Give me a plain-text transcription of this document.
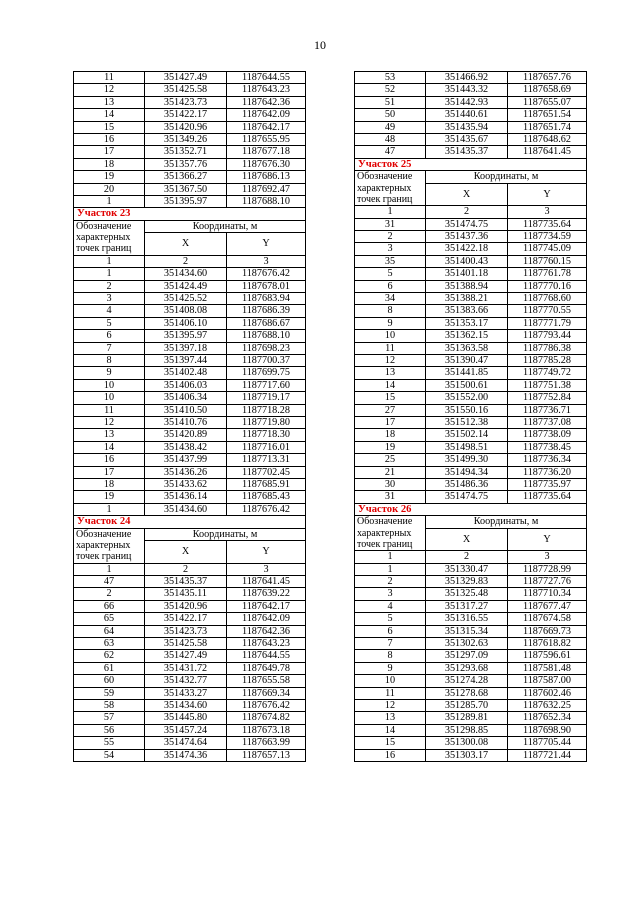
10
11	351427.49	1187644.55
12	351425.58	1187643.23
13	351423.73	1187642.36
14	351422.17	1187642.09
15	351420.96	1187642.17
16	351349.26	1187655.95
17	351352.71	1187677.18
18	351357.76	1187676.30
19	351366.27	1187686.13
20	351367.50	1187692.47
1	351395.97	1187688.10
Участок 23		

Обозначение
характерных
точек границ	Координаты, м	
	X	Y

1	2	3
1	351434.60	1187676.42
2	351424.49	1187678.01
3	351425.52	1187683.94
4	351408.08	1187686.39
5	351406.10	1187686.67
6	351395.97	1187688.10
7	351397.18	1187698.23
8	351397.44	1187700.37
9	351402.48	1187699.75
10	351406.03	1187717.60
10	351406.34	1187719.17
11	351410.50	1187718.28
12	351410.76	1187719.80
13	351420.89	1187718.30
14	351438.42	1187716.01
16	351437.99	1187713.31
17	351436.26	1187702.45
18	351433.62	1187685.91
19	351436.14	1187685.43
1	351434.60	1187676.42
Участок 24		

Обозначение
характерных
точек границ	Координаты, м	
	X	Y

1	2	3
47	351435.37	1187641.45
2	351435.11	1187639.22
66	351420.96	1187642.17
65	351422.17	1187642.09
64	351423.73	1187642.36
63	351425.58	1187643.23
62	351427.49	1187644.55
61	351431.72	1187649.78
60	351432.77	1187655.58
59	351433.27	1187669.34
58	351434.60	1187676.42
57	351445.80	1187674.82
56	351457.24	1187673.18
55	351474.64	1187663.99
54	351474.36	1187657.13
53	351466.92	1187657.76
52	351443.32	1187658.69
51	351442.93	1187655.07
50	351440.61	1187651.54
49	351435.94	1187651.74
48	351435.67	1187648.62
47	351435.37	1187641.45
Участок 25		

Обозначение
характерных
точек границ	Координаты, м	
	X	Y

1	2	3
31	351474.75	1187735.64
2	351437.36	1187734.59
3	351422.18	1187745.09
35	351400.43	1187760.15
5	351401.18	1187761.78
6	351388.94	1187770.16
34	351388.21	1187768.60
8	351383.66	1187770.55
9	351353.17	1187771.79
10	351362.15	1187793.44
11	351363.58	1187786.38
12	351390.47	1187785.28
13	351441.85	1187749.72
14	351500.61	1187751.38
15	351552.00	1187752.84
27	351550.16	1187736.71
17	351512.38	1187737.08
18	351502.14	1187738.09
19	351498.51	1187738.45
25	351499.30	1187736.34
21	351494.34	1187736.20
30	351486.36	1187735.97
31	351474.75	1187735.64
Участок 26		

Обозначение
характерных
точек границ	Координаты, м	
	X	Y

1	2	3
1	351330.47	1187728.99
2	351329.83	1187727.76
3	351325.48	1187710.34
4	351317.27	1187677.47
5	351316.55	1187674.58
6	351315.34	1187669.73
7	351302.63	1187618.82
8	351297.09	1187596.61
9	351293.68	1187581.48
10	351274.28	1187587.00
11	351278.68	1187602.46
12	351285.70	1187632.25
13	351289.81	1187652.34
14	351298.85	1187698.90
15	351300.08	1187705.44
16	351303.17	1187721.44
